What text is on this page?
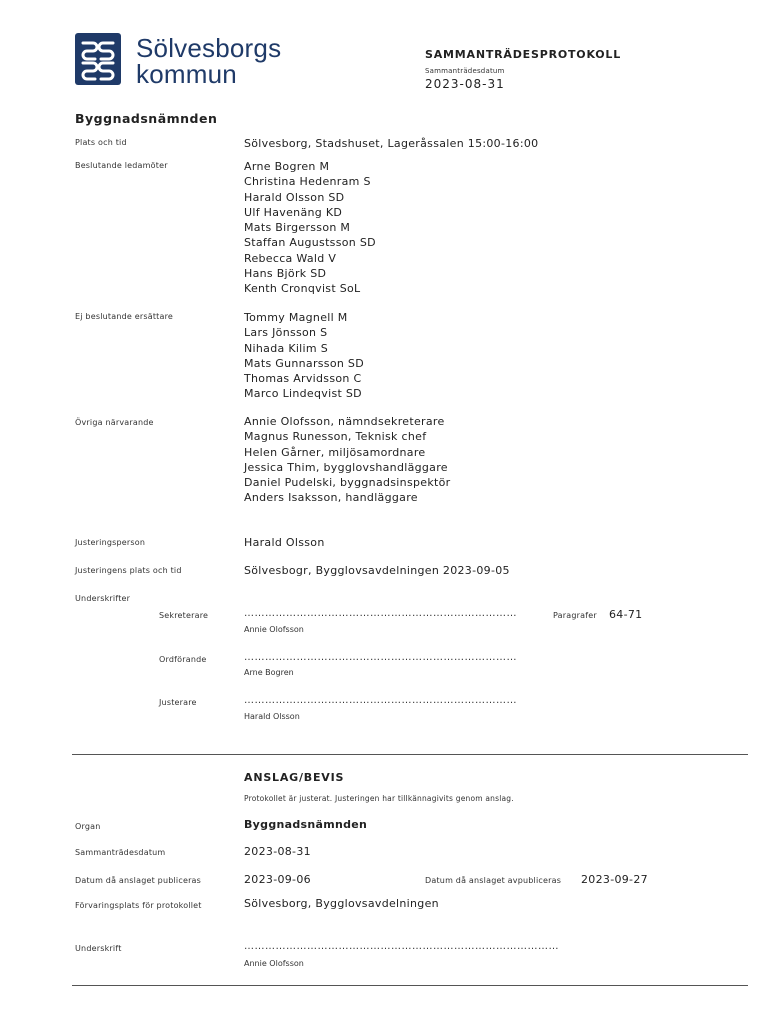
Sölvesborgs
kommun
SAMMANTRÄDESPROTOKOLL
Sammanträdesdatum
2023-08-31
Byggnadsnämnden
Plats och tid	Sölvesborg, Stadshuset, Lageråssalen 15:00-16:00
Beslutande ledamöter	Arne Bogren M
Christina Hedenram S
Harald Olsson SD
Ulf Havenäng KD
Mats Birgersson M
Staffan Augustsson SD
Rebecca Wald V
Hans Björk SD
Kenth Cronqvist SoL
Ej beslutande ersättare	Tommy Magnell M
Lars Jönsson S
Nihada Kilim S
Mats Gunnarsson SD
Thomas Arvidsson C
Marco Lindeqvist SD
Övriga närvarande	Annie Olofsson, nämndsekreterare
Magnus Runesson, Teknisk chef
Helen Gårner, miljösamordnare
Jessica Thim, bygglovshandläggare
Daniel Pudelski, byggnadsinspektör
Anders Isaksson, handläggare
Justeringsperson	Harald Olsson
Justeringens plats och tid	Sölvesbogr, Bygglovsavdelningen 2023-09-05
Underskrifter
Sekreterare	……………………………………………………………………
Annie Olofsson
Paragrafer 64-71
Ordförande	……………………………………………………………………
Arne Bogren
Justerare	……………………………………………………………………
Harald Olsson
ANSLAG/BEVIS
Protokollet är justerat. Justeringen har tillkännagivits genom anslag.
Organ	Byggnadsnämnden
Sammanträdesdatum	2023-08-31
Datum då anslaget publiceras	2023-09-06	Datum då anslaget avpubliceras 2023-09-27
Förvaringsplats för protokollet	Sölvesborg, Bygglovsavdelningen
Underskrift	………………………………………………………………………………
Annie Olofsson
